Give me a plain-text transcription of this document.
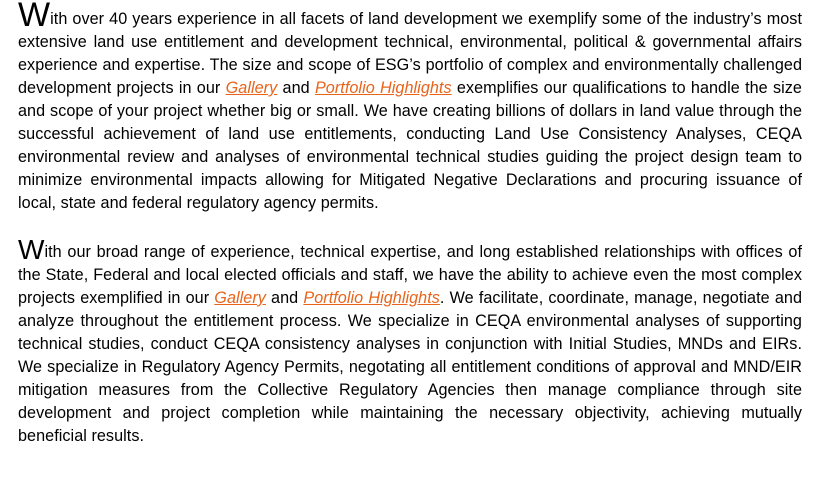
With over 40 years experience in all facets of land development we exemplify some of the industry’s most extensive land use entitlement and development technical, environmental, political & governmental affairs experience and expertise. The size and scope of ESG’s portfolio of complex and environmentally challenged development projects in our Gallery and Portfolio Highlights exemplifies our qualifications to handle the size and scope of your project whether big or small. We have creating billions of dollars in land value through the successful achievement of land use entitlements, conducting Land Use Consistency Analyses, CEQA environmental review and analyses of environmental technical studies guiding the project design team to minimize environmental impacts allowing for Mitigated Negative Declarations and procuring issuance of local, state and federal regulatory agency permits.

With our broad range of experience, technical expertise, and long established relationships with offices of the State, Federal and local elected officials and staff, we have the ability to achieve even the most complex projects exemplified in our Gallery and Portfolio Highlights. We facilitate, coordinate, manage, negotiate and analyze throughout the entitlement process. We specialize in CEQA environmental analyses of supporting technical studies, conduct CEQA consistency analyses in conjunction with Initial Studies, MNDs and EIRs. We specialize in Regulatory Agency Permits, negotating all entitlement conditions of approval and MND/EIR mitigation measures from the Collective Regulatory Agencies then manage compliance through site development and project completion while maintaining the necessary objectivity, achieving mutually beneficial results.
